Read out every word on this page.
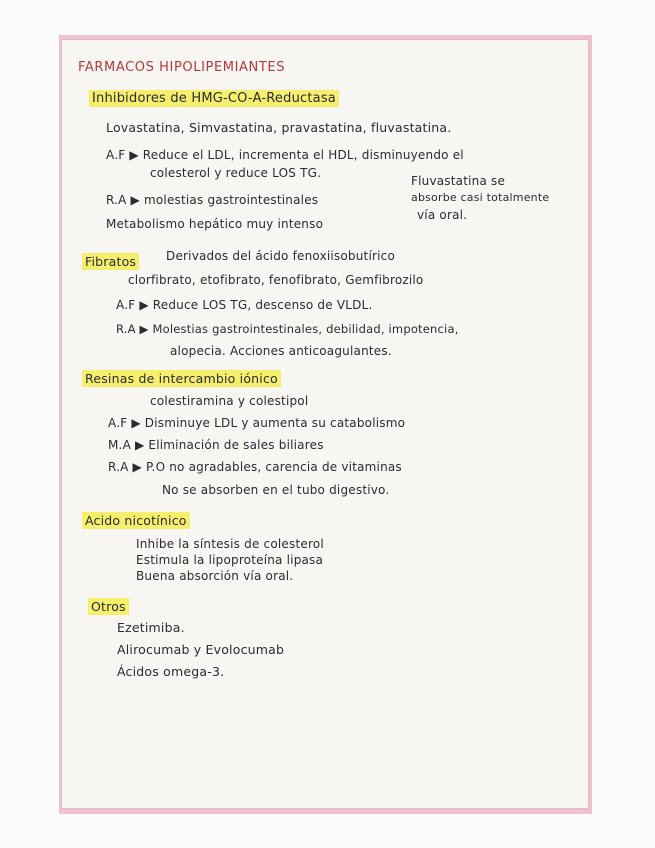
FARMACOS HIPOLIPEMIANTES
Inhibidores de HMG-CO-A-Reductasa
Lovastatina, Simvastatina, pravastatina, fluvastatina.
A.F ▶ Reduce el LDL, incrementa el HDL, disminuyendo el
colesterol y reduce LOS TG.
R.A ▶ molestias gastrointestinales
Metabolismo hepático muy intenso
Fluvastatina se
absorbe casi totalmente
vía oral.
Fibratos Derivados del ácido fenoxiisobutírico
clorfibrato, etofibrato, fenofibrato, Gemfibrozilo
A.F ▶ Reduce LOS TG, descenso de VLDL.
R.A ▶ Molestias gastrointestinales, debilidad, impotencia,
alopecia. Acciones anticoagulantes.
Resinas de intercambio iónico
colestiramina y colestipol
A.F ▶ Disminuye LDL y aumenta su catabolismo
M.A ▶ Eliminación de sales biliares
R.A ▶ P.O no agradables, carencia de vitaminas
No se absorben en el tubo digestivo.
Acido nicotínico
Inhibe la síntesis de colesterol
Estimula la lipoproteína lipasa
Buena absorción vía oral.
Otros
Ezetimiba.
Alirocumab y Evolocumab
Ácidos omega-3.
